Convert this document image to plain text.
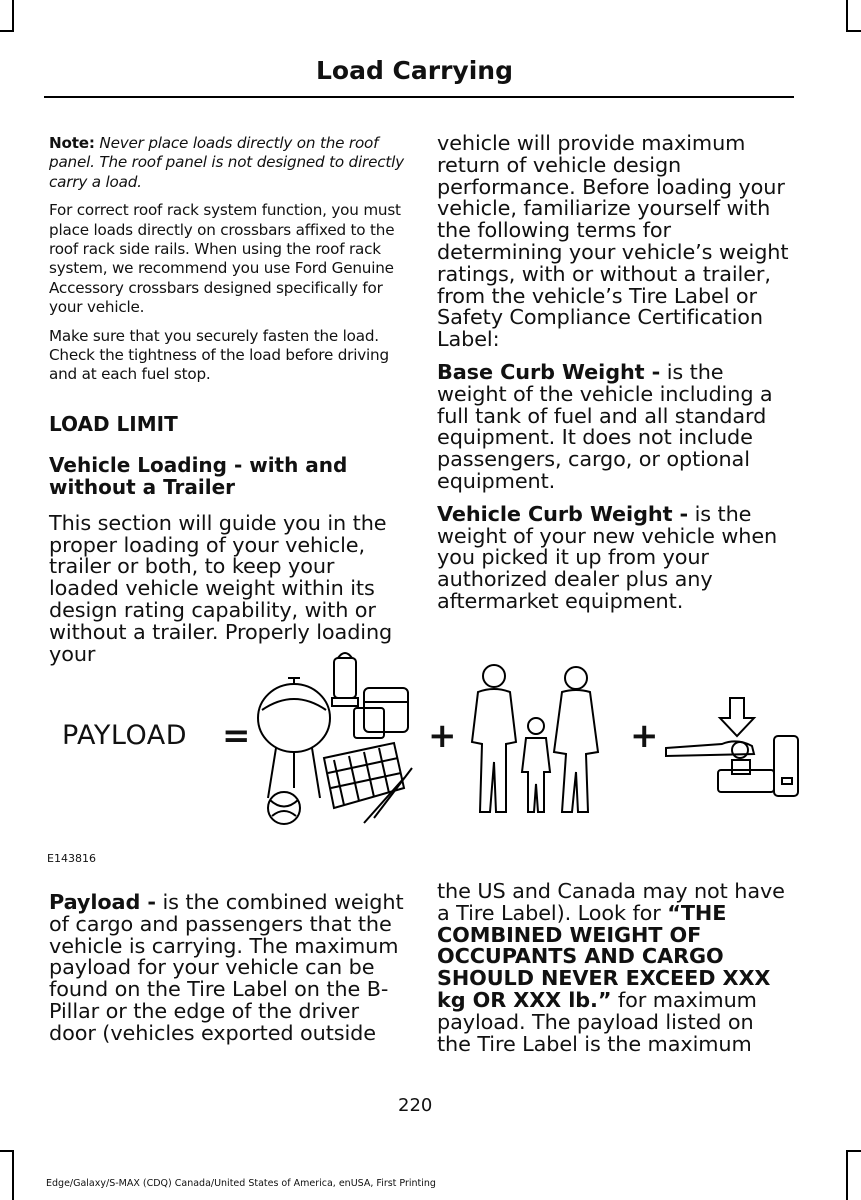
Load Carrying

Note: Never place loads directly on the roof panel. The roof panel is not designed to directly carry a load.

For correct roof rack system function, you must place loads directly on crossbars affixed to the roof rack side rails. When using the roof rack system, we recommend you use Ford Genuine Accessory crossbars designed specifically for your vehicle.

Make sure that you securely fasten the load. Check the tightness of the load before driving and at each fuel stop.

LOAD LIMIT

Vehicle Loading - with and without a Trailer

This section will guide you in the proper loading of your vehicle, trailer or both, to keep your loaded vehicle weight within its design rating capability, with or without a trailer. Properly loading your

vehicle will provide maximum return of vehicle design performance. Before loading your vehicle, familiarize yourself with the following terms for determining your vehicle’s weight ratings, with or without a trailer, from the vehicle’s Tire Label or Safety Compliance Certification Label:

Base Curb Weight - is the weight of the vehicle including a full tank of fuel and all standard equipment. It does not include passengers, cargo, or optional equipment.

Vehicle Curb Weight - is the weight of your new vehicle when you picked it up from your authorized dealer plus any aftermarket equipment.

PAYLOAD =	+	+
E143816

Payload - is the combined weight of cargo and passengers that the vehicle is carrying. The maximum payload for your vehicle can be found on the Tire Label on the B-Pillar or the edge of the driver door (vehicles exported outside

the US and Canada may not have a Tire Label). Look for “THE COMBINED WEIGHT OF OCCUPANTS AND CARGO SHOULD NEVER EXCEED XXX kg OR XXX lb.” for maximum payload. The payload listed on the Tire Label is the maximum

220
Edge/Galaxy/S-MAX (CDQ) Canada/United States of America, enUSA, First Printing
